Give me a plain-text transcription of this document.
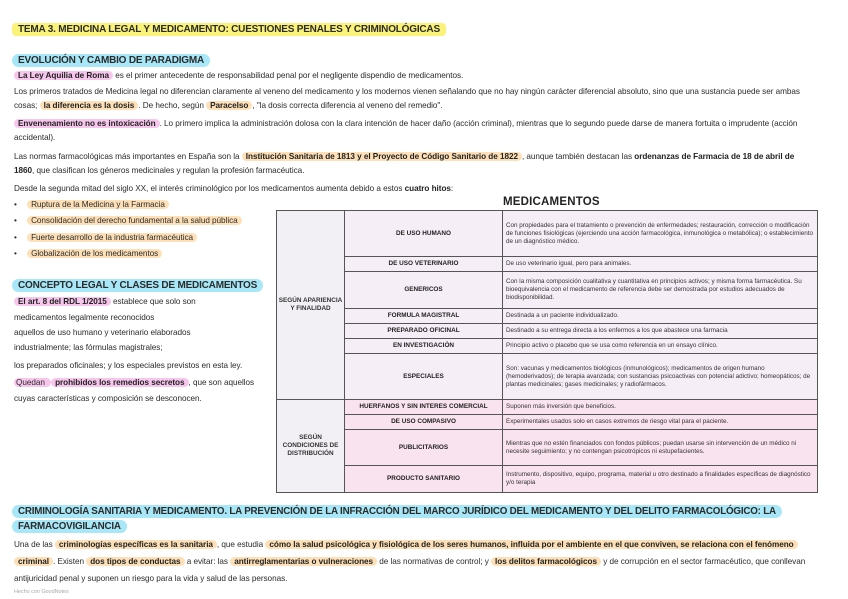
TEMA 3. MEDICINA LEGAL Y MEDICAMENTO: CUESTIONES PENALES Y CRIMINOLÓGICAS
EVOLUCIÓN Y CAMBIO DE PARADIGMA
La Ley Aquilia de Roma es el primer antecedente de responsabilidad penal por el negligente dispendio de medicamentos.
Los primeros tratados de Medicina legal no diferencian claramente al veneno del medicamento y los modernos vienen señalando que no hay ningún carácter diferencial absoluto, sino que una sustancia puede ser ambas
cosas; la diferencia es la dosis . De hecho, según Paracelso , "la dosis correcta diferencia al veneno del remedio".
Envenenamiento no es intoxicación . Lo primero implica la administración dolosa con la clara intención de hacer daño (acción criminal), mientras que lo segundo puede darse de manera fortuita o imprudente (acción
accidental).
Las normas farmacológicas más importantes en España son la Institución Sanitaria de 1813 y el Proyecto de Código Sanitario de 1822 , aunque también destacan las ordenanzas de Farmacia de 18 de abril de
1860, que clasifican los géneros medicinales y regulan la profesión farmacéutica.
Desde la segunda mitad del siglo XX, el interés criminológico por los medicamentos aumenta debido a estos cuatro hitos:
• Ruptura de la Medicina y la Farmacia
• Consolidación del derecho fundamental a la salud pública
• Fuerte desarrollo de la industria farmacéutica
• Globalización de los medicamentos
CONCEPTO LEGAL Y CLASES DE MEDICAMENTOS
El art. 8 del RDL 1/2015 establece que solo son
medicamentos legalmente reconocidos
aquellos de uso humano y veterinario elaborados
industrialmente; las fórmulas magistrales;
los preparados oficinales; y los especiales previstos en esta ley.
Quedan prohibidos los remedios secretos , que son aquellos
cuyas características y composición se desconocen.
MEDICAMENTOS
SEGÚN APARIENCIA Y FINALIDAD	DE USO HUMANO	Con propiedades para el tratamiento o prevención de enfermedades; restauración, corrección o modificación de funciones fisiológicas (ejerciendo una acción farmacológica, inmunológica o metabólica); o establecimiento de un diagnóstico médico.
	DE USO VETERINARIO	De uso veterinario igual, pero para animales.
	GENERICOS	Con la misma composición cualitativa y cuantitativa en principios activos; y misma forma farmacéutica. Su bioequivalencia con el medicamento de referencia debe ser demostrada por estudios adecuados de biodisponibilidad.
	FORMULA MAGISTRAL	Destinada a un paciente individualizado.
	PREPARADO OFICINAL	Destinado a su entrega directa a los enfermos a los que abastece una farmacia
	EN INVESTIGACIÓN	Principio activo o placebo que se usa como referencia en un ensayo clínico.
	ESPECIALES	Son: vacunas y medicamentos biológicos (inmunológicos); medicamentos de origen humano (hemoderivados); de terapia avanzada; con sustancias psicoactivas con potencial adictivo; homeopáticos; de plantas medicinales; gases medicinales; y radiofármacos.
SEGÚN CONDICIONES DE DISTRIBUCIÓN	HUERFANOS Y SIN INTERES COMERCIAL	Suponen más inversión que beneficios.
	DE USO COMPASIVO	Experimentales usados solo en casos extremos de riesgo vital para el paciente.
	PUBLICITARIOS	Mientras que no estén financiados con fondos públicos; puedan usarse sin intervención de un médico ni necesite seguimiento; y no contengan psicotrópicos ni estupefacientes.
	PRODUCTO SANITARIO	Instrumento, dispositivo, equipo, programa, material u otro destinado a finalidades específicas de diagnóstico y/o terapia
CRIMINOLOGÍA SANITARIA Y MEDICAMENTO. LA PREVENCIÓN DE LA INFRACCIÓN DEL MARCO JURÍDICO DEL MEDICAMENTO Y DEL DELITO FARMACOLÓGICO: LA
FARMACOVIGILANCIA
Una de las criminologías específicas es la sanitaria , que estudia cómo la salud psicológica y fisiológica de los seres humanos, influida por el ambiente en el que conviven, se relaciona con el fenómeno
criminal . Existen dos tipos de conductas a evitar: las antirreglamentarias o vulneraciones de las normativas de control; y los delitos farmacológicos y de corrupción en el sector farmacéutico, que conllevan
antijuricidad penal y suponen un riesgo para la vida y salud de las personas.
Hecho con GoodNotes
